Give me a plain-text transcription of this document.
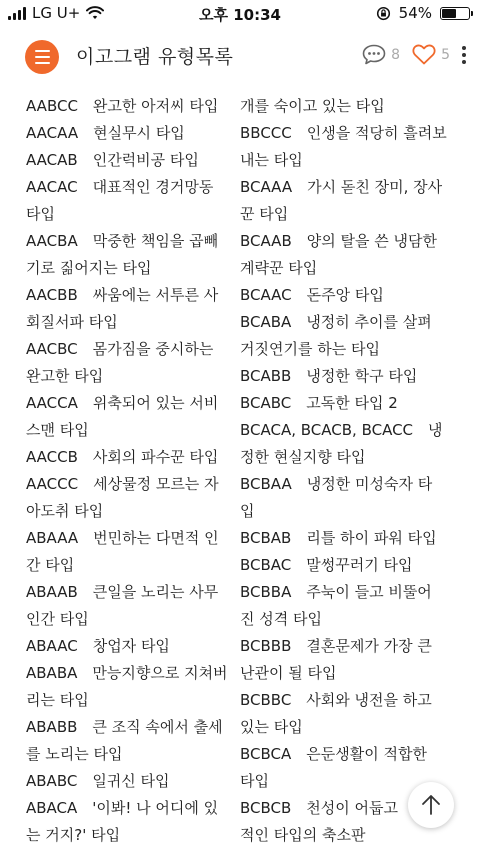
LG U+	오후 10:34	54%
이고그램 유형목록	8	5
AABCC　완고한 아저씨 타입
AACAA　현실무시 타입
AACAB　인간럭비공 타입
AACAC　대표적인 경거망동
타입
AACBA　막중한 책임을 곱빼
기로 짊어지는 타입
AACBB　싸움에는 서투른 사
회질서파 타입
AACBC　몸가짐을 중시하는
완고한 타입
AACCA　위축되어 있는 서비
스맨 타입
AACCB　사회의 파수꾼 타입
AACCC　세상물정 모르는 자
아도취 타입
ABAAA　번민하는 다면적 인
간 타입
ABAAB　큰일을 노리는 사무
인간 타입
ABAAC　창업자 타입
ABABA　만능지향으로 지쳐버
리는 타입
ABABB　큰 조직 속에서 출세
를 노리는 타입
ABABC　일귀신 타입
ABACA　'이봐! 나 어디에 있
는 거지?' 타입
개를 숙이고 있는 타입
BBCCC　인생을 적당히 흘려보
내는 타입
BCAAA　가시 돋친 장미, 장사
꾼 타입
BCAAB　양의 탈을 쓴 냉담한
계략꾼 타입
BCAAC　돈주앙 타입
BCABA　냉정히 추이를 살펴
거짓연기를 하는 타입
BCABB　냉정한 학구 타입
BCABC　고독한 타입 2
BCACA, BCACB, BCACC　냉
정한 현실지향 타입
BCBAA　냉정한 미성숙자 타
입
BCBAB　리틀 하이 파워 타입
BCBAC　말썽꾸러기 타입
BCBBA　주눅이 들고 비뚤어
진 성격 타입
BCBBB　결혼문제가 가장 큰
난관이 될 타입
BCBBC　사회와 냉전을 하고
있는 타입
BCBCA　은둔생활이 적합한
타입
BCBCB　천성이 어둡고
적인 타입의 축소판
